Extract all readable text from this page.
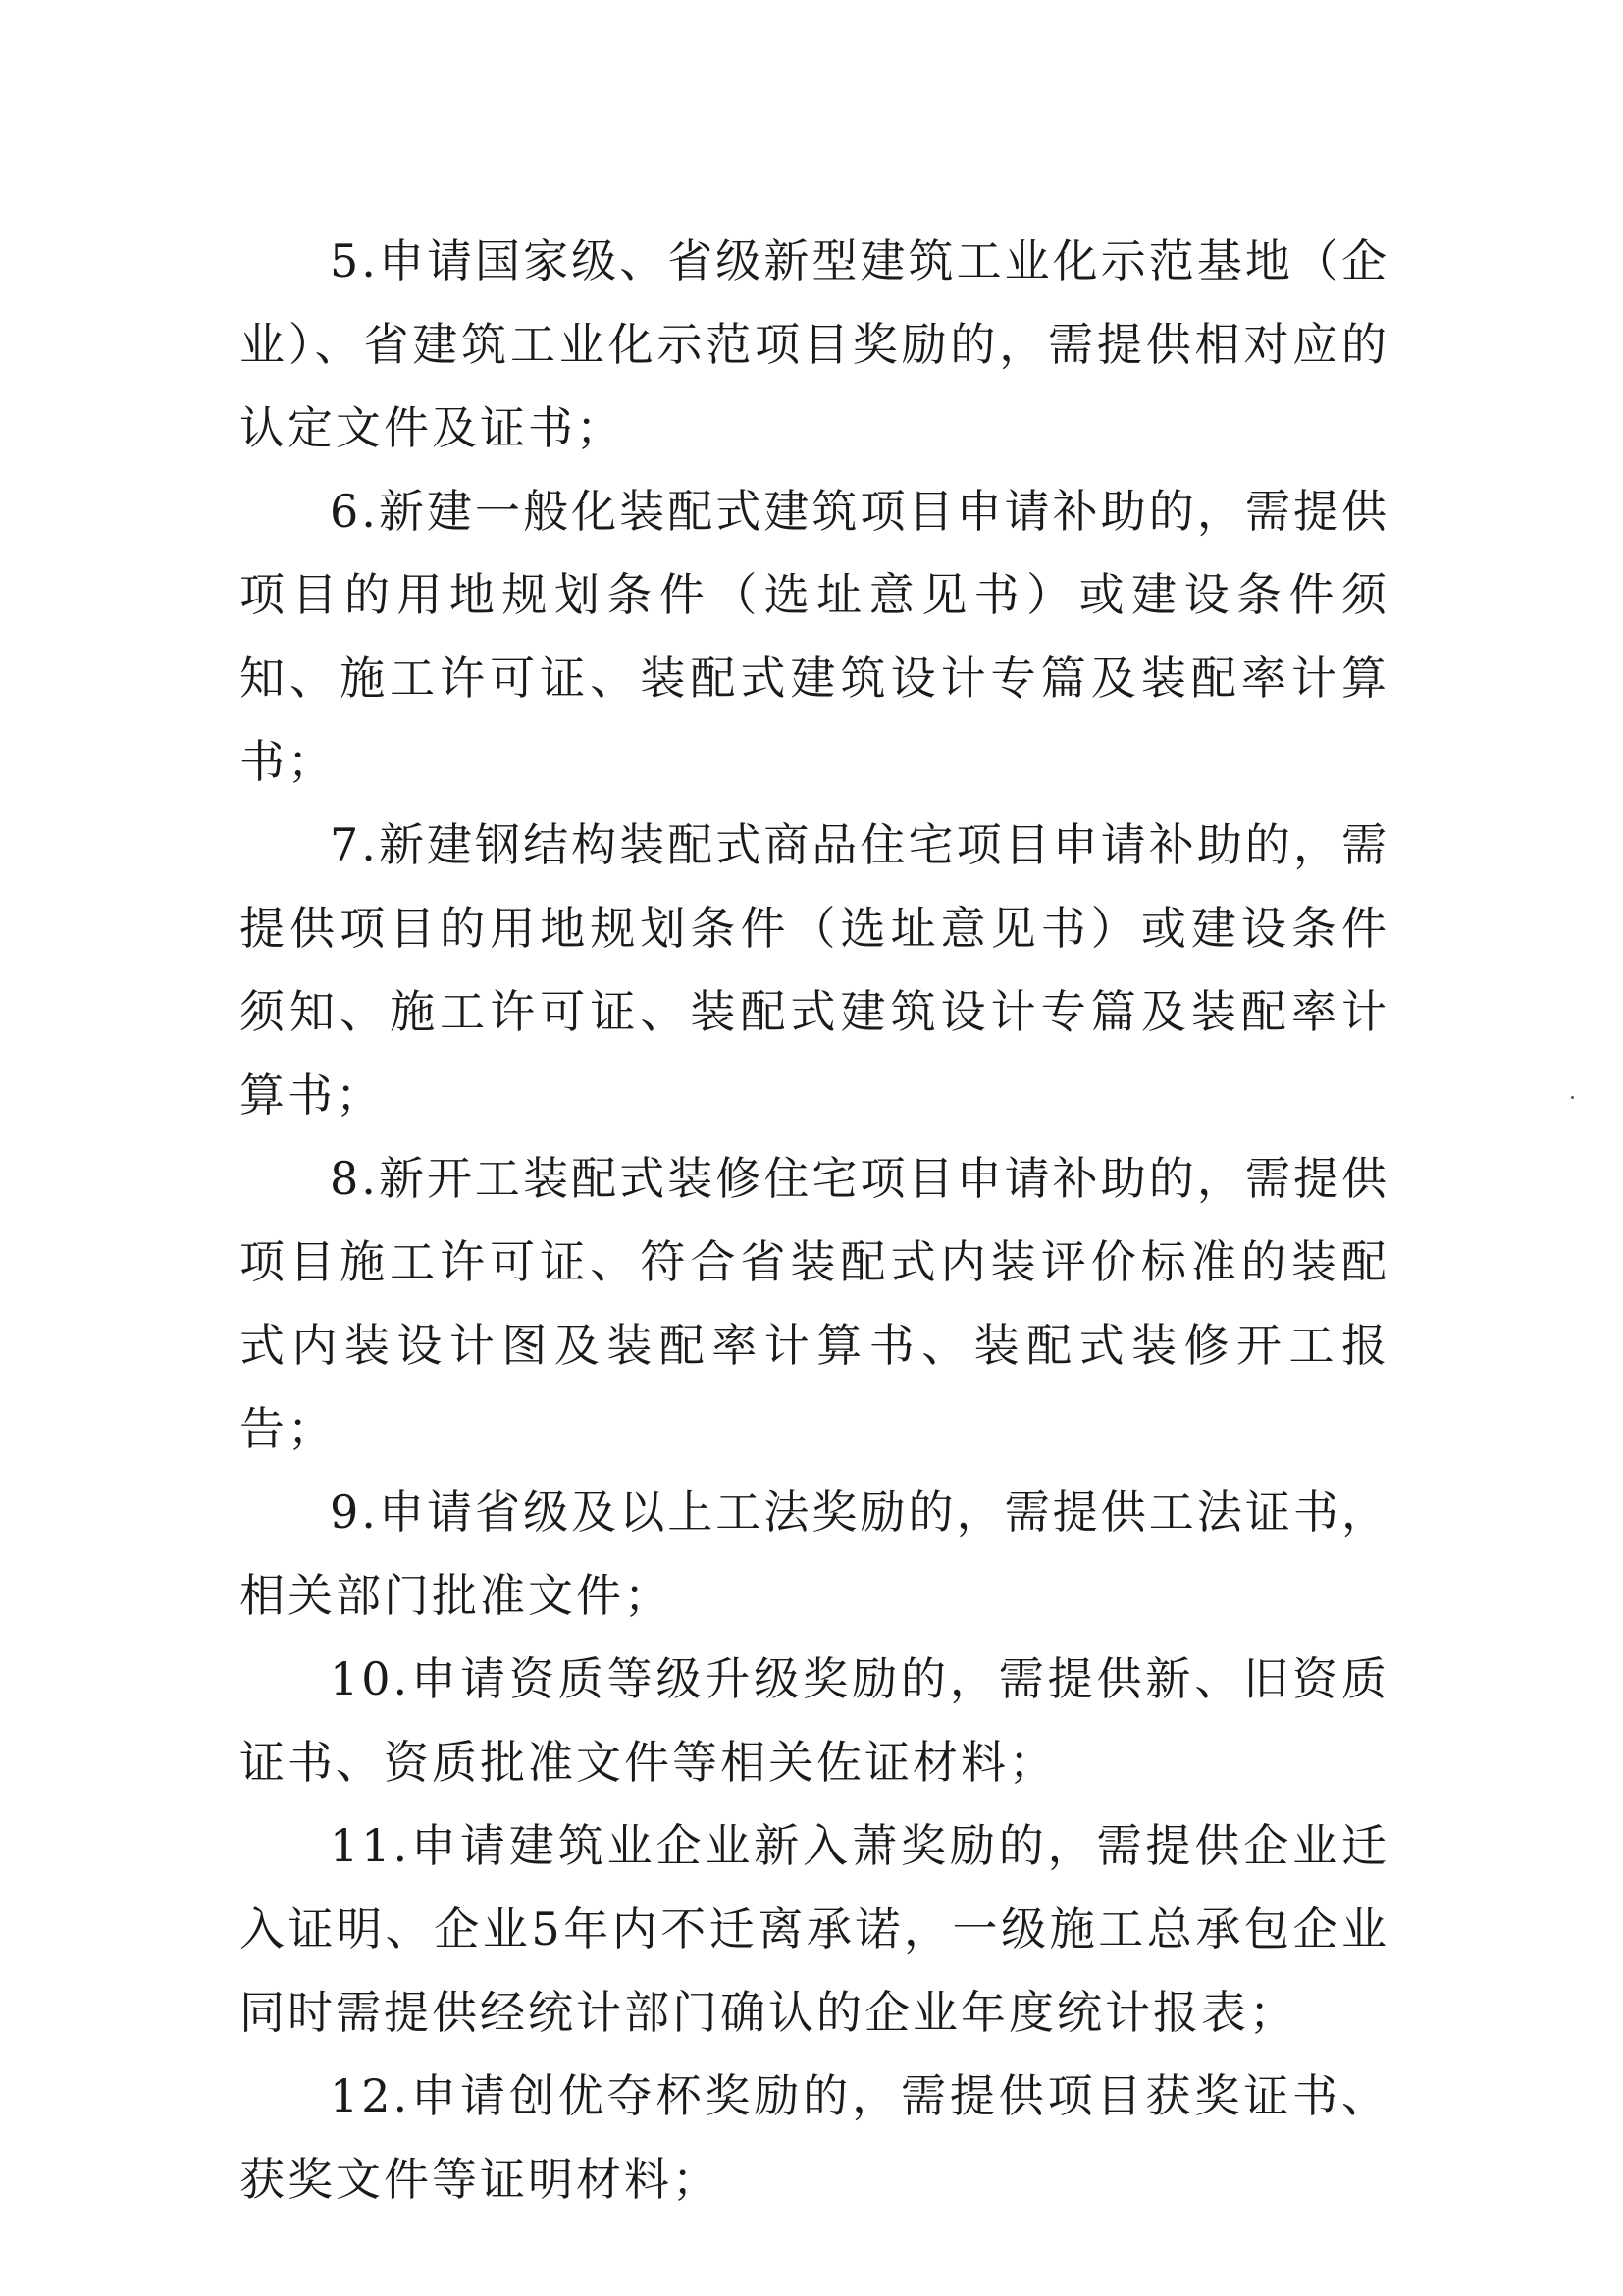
5.申请国家级、省级新型建筑工业化示范基地（企业）、省建筑工业化示范项目奖励的，需提供相对应的认定文件及证书；

6.新建一般化装配式建筑项目申请补助的，需提供项目的用地规划条件（选址意见书）或建设条件须知、施工许可证、装配式建筑设计专篇及装配率计算书；

7.新建钢结构装配式商品住宅项目申请补助的，需提供项目的用地规划条件（选址意见书）或建设条件须知、施工许可证、装配式建筑设计专篇及装配率计算书；

8.新开工装配式装修住宅项目申请补助的，需提供项目施工许可证、符合省装配式内装评价标准的装配式内装设计图及装配率计算书、装配式装修开工报告；

9.申请省级及以上工法奖励的，需提供工法证书，相关部门批准文件；

10.申请资质等级升级奖励的，需提供新、旧资质证书、资质批准文件等相关佐证材料；

11.申请建筑业企业新入萧奖励的，需提供企业迁入证明、企业5年内不迁离承诺，一级施工总承包企业同时需提供经统计部门确认的企业年度统计报表；

12.申请创优夺杯奖励的，需提供项目获奖证书、获奖文件等证明材料；
